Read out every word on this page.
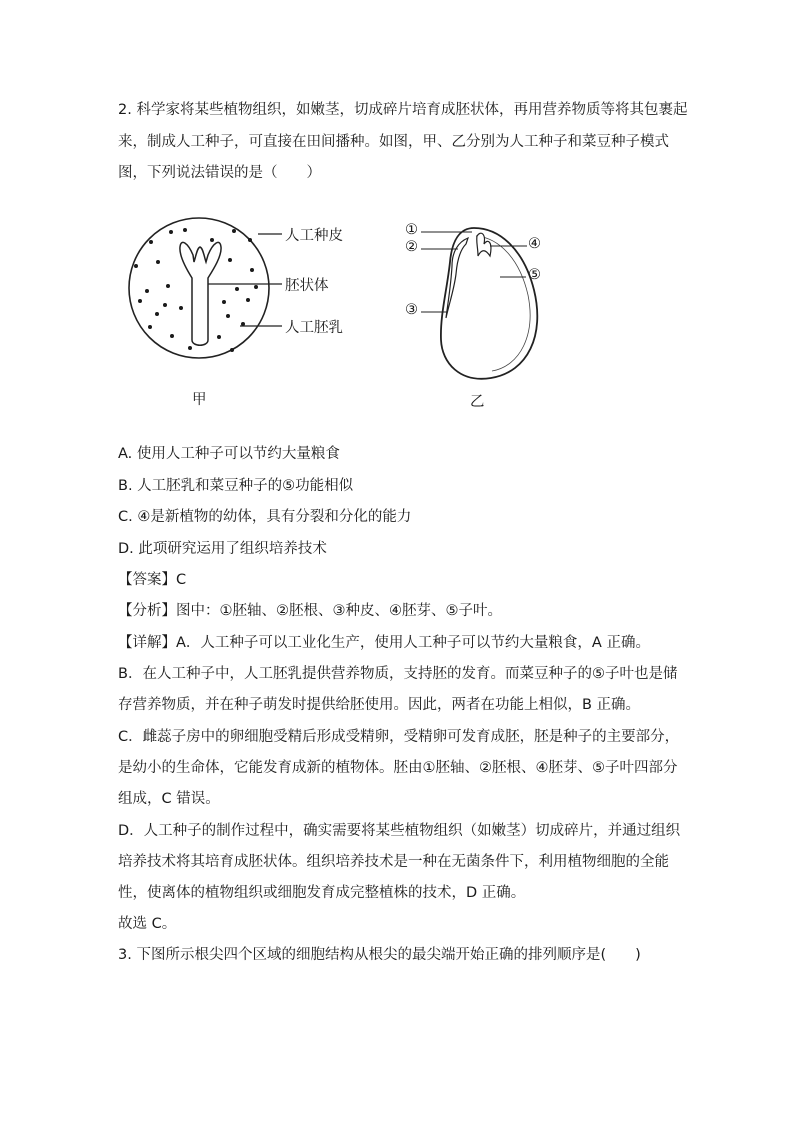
2. 科学家将某些植物组织，如嫩茎，切成碎片培育成胚状体，再用营养物质等将其包裹起
来，制成人工种子，可直接在田间播种。如图，甲、乙分别为人工种子和菜豆种子模式
图，下列说法错误的是（　　）
人工种皮
胚状体
人工胚乳
甲
①
②
③
④
⑤
乙
A. 使用人工种子可以节约大量粮食
B. 人工胚乳和菜豆种子的⑤功能相似
C. ④是新植物的幼体，具有分裂和分化的能力
D. 此项研究运用了组织培养技术
【答案】C
【分析】图中：①胚轴、②胚根、③种皮、④胚芽、⑤子叶。
【详解】A．人工种子可以工业化生产，使用人工种子可以节约大量粮食，A 正确。
B．在人工种子中，人工胚乳提供营养物质，支持胚的发育。而菜豆种子的⑤子叶也是储
存营养物质，并在种子萌发时提供给胚使用。因此，两者在功能上相似，B 正确。
C．雌蕊子房中的卵细胞受精后形成受精卵，受精卵可发育成胚，胚是种子的主要部分，
是幼小的生命体，它能发育成新的植物体。胚由①胚轴、②胚根、④胚芽、⑤子叶四部分
组成，C 错误。
D．人工种子的制作过程中，确实需要将某些植物组织（如嫩茎）切成碎片，并通过组织
培养技术将其培育成胚状体。组织培养技术是一种在无菌条件下，利用植物细胞的全能
性，使离体的植物组织或细胞发育成完整植株的技术，D 正确。
故选 C。
3. 下图所示根尖四个区域的细胞结构从根尖的最尖端开始正确的排列顺序是(　　)
